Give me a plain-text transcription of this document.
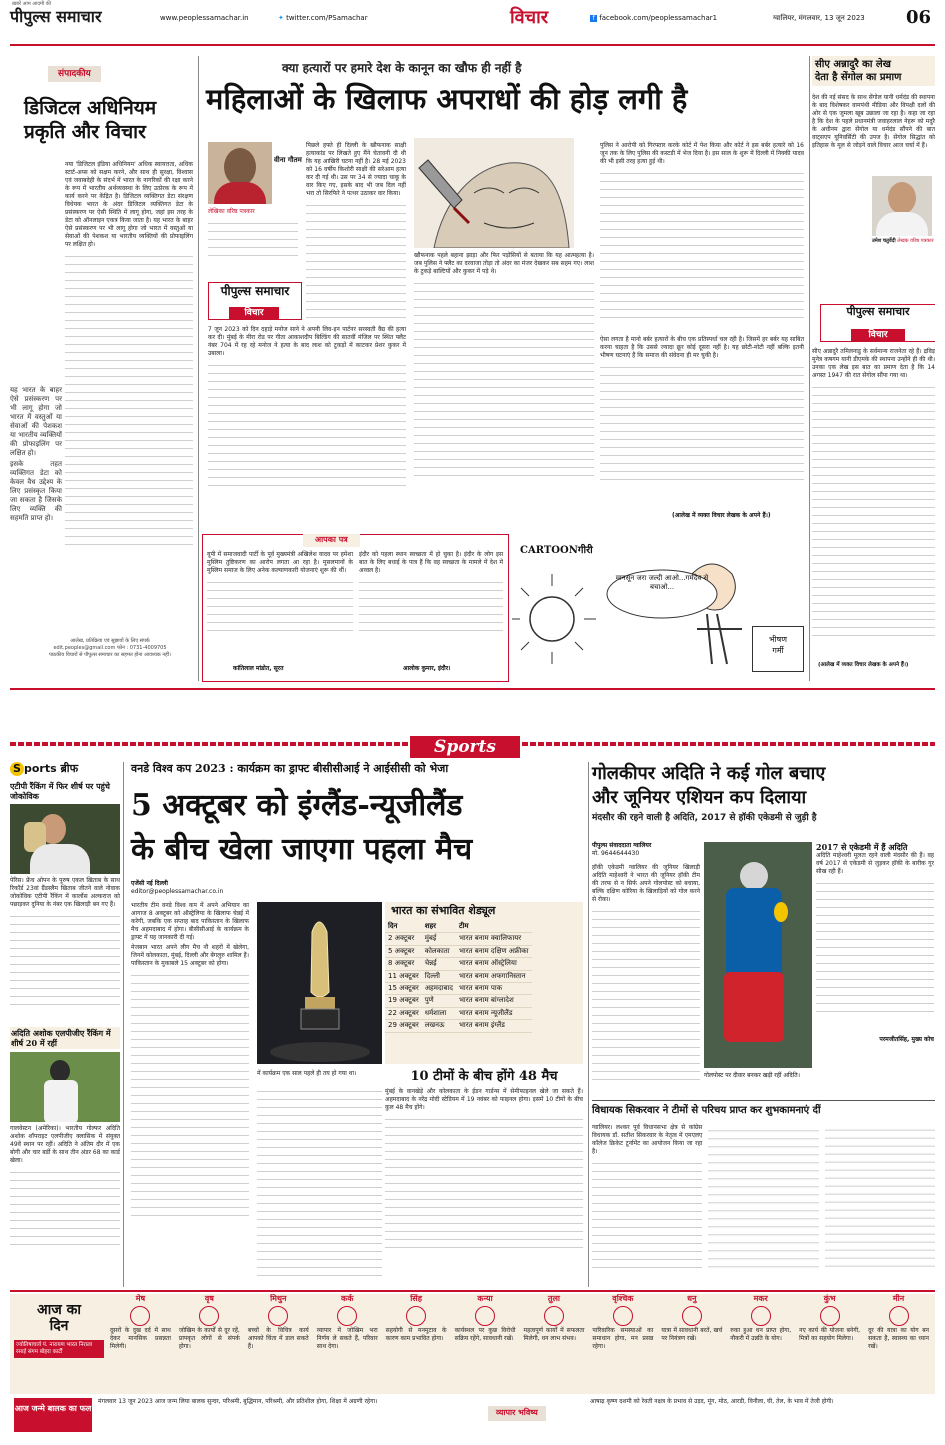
पीपुल्स समाचार
खबरें आम आदमी की
www.peoplessamachar.in	✦ twitter.com/PSamachar	विचार	f facebook.com/peoplessamachar1	ग्वालियर, मंगलवार, 13 जून 2023 06
संपादकीय
डिजिटल अधिनियम
प्रकृति और विचार

नया 'डिजिटल इंडिया अधिनियम' अधिक स्वायत्तता, अधिक स्टार्ट-अप्स को सक्षम करने, और साथ ही सुरक्षा, विश्वास एवं जवाबदेही के संदर्भ में भारत के नागरिकों की रक्षा करने के रूप में भारतीय अर्थव्यवस्था के लिए उत्प्रेरक के रूप में कार्य करने पर केंद्रित है। डिजिटल व्यक्तिगत डेटा संरक्षण विधेयक भारत के अंदर डिजिटल व्यक्तिगत डेटा के प्रसंस्करण पर ऐसी स्थिति में लागू होगा, जहां इस तरह के डेटा को ऑनलाइन एकत्र किया जाता है। यह भारत के बाहर ऐसे प्रसंस्करण पर भी लागू होगा जो भारत में वस्तुओं या सेवाओं की पेशकश या भारतीय व्यक्तियों की प्रोफाइलिंग पर लक्षित हो।

यह भारत के बाहर ऐसे प्रसंस्करण पर भी लागू होगा जो भारत में वस्तुओं या सेवाओं की पेशकश या भारतीय व्यक्तियों की प्रोफाइलिंग पर लक्षित हो।

इसके तहत व्यक्तिगत डेटा को केवल वैध उद्देश्य के लिए प्रसंस्कृत किया जा सकता है जिसके लिए व्यक्ति की सहमति प्राप्त हो।

आलेख, प्रतिक्रिया एवं सुझावों के लिए संपर्क
edit.peoples@gmail.com फोन : 0731-4009705
पाठकीय विचारों से पीपुल्स समाचार का सहमत होना आवश्यक नहीं।
क्या हत्यारों पर हमारे देश के कानून का खौफ ही नहीं है
महिलाओं के खिलाफ अपराधों की होड़ लगी है
वीना गौतम
लेखिका वरिष्ठ पत्रकार
पीपुल्स समाचार
विचार

पिछले हफ्ते ही दिल्ली के खौफनाक साक्षी हत्याकांड पर लिखते हुए मैंने चेतावनी दी थी कि यह आखिरी घटना नहीं है। 28 मई 2023 को 16 वर्षीय किशोरी साक्षी की सरेआम हत्या कर दी गई थी। उस पर 34 से ज्यादा चाकू के वार किए गए, इसके बाद भी जब दिल नहीं भरा तो सिरफिरे ने पत्थर उठाकर वार किया।

7 जून 2023 को दिन दहाड़े मनोज साने ने अपनी लिव-इन पार्टनर सरस्वती वैद्य की हत्या कर दी। मुंबई के मीरा रोड पर गीता आकाशदीप बिल्डिंग की सातवीं मंजिल पर स्थित फ्लैट नंबर 704 में रह रहे मनोज ने हत्या के बाद लाश को टुकड़ों में काटकर प्रेशर कुकर में उबाला।

खौफनाक पहले बहाना झाड़ा और फिर पड़ोसियों से बताया कि यह आत्महत्या है। जब पुलिस ने फ्लैट का दरवाजा तोड़ा तो अंदर का मंजर देखकर सब सहम गए। लाश के टुकड़े बाल्टियों और कुकर में पड़े थे।

पुलिस ने आरोपी को गिरफ्तार करके कोर्ट में पेश किया और कोर्ट ने इस बर्बर हत्यारे को 16 जून तक के लिए पुलिस की कस्टडी में भेज दिया है। इस साल के शुरू में दिल्ली में निक्की यादव की भी इसी तरह हत्या हुई थी।

ऐसा लगता है मानो बर्बर हत्यारों के बीच एक प्रतिस्पर्धा चल रही है। जिसमें हर बर्बर यह साबित करना चाहता है कि उससे ज्यादा क्रूर कोई दूसरा नहीं है। यह छोटी-मोटी नहीं बल्कि इतनी भीषण घटनाएं हैं कि समाज की संवेदना ही मर चुकी है।

(आलेख में व्यक्त विचार लेखक के अपने हैं।)
आपका पत्र

यूपी में समाजवादी पार्टी के पूर्व मुख्यमंत्री अखिलेश यादव पर हमेशा मुस्लिम तुष्टिकरण का आरोप लगता आ रहा है। मुसलमानों के मुस्लिम समाज के लिए अनेक कल्याणकारी योजनाएं शुरू की थीं।

कांतिलाल मांडोत, सूरत

इंदौर को पहला स्थान स्वच्छता में हो चुका है। इंदौर के लोग इस बात के लिए बधाई के पात्र हैं कि वह स्वच्छता के मामले में देश में अव्वल है।

आलोक कुमार, इंदौर।
CARTOONगीरी
मानसून जरा जल्दी आओ...गर्मदेव से बचाओ...
भीषण
गर्मी
सीए अन्नादुरै का लेख
देता है सेंगोल का प्रमाण

देश की नई संसद के साथ सेंगोल यानी धर्मदंड की स्थापना के बाद विशेषकर वामपंथी मीडिया और विपक्षी दलों की ओर से एक जुमला खूब उछाला जा रहा है। कहा जा रहा है कि देश के पहले प्रधानमंत्री जवाहरलाल नेहरू को मदुरै के अधीनम द्वारा सेंगोल या धर्मदंड सौंपने की बात वाट्सएप यूनिवर्सिटी की उपज है। सेंगोल सिद्धांत को इतिहास के मूल से जोड़ने वाले विचार आज चर्चा में हैं।

उमेश चतुर्वेदी लेखक वरिष्ठ पत्रकार
पीपुल्स समाचार
विचार

सीए अन्नादुरै तमिलनाडु के सर्वमान्य राजनेता रहे हैं। द्रविड़ मुनेत्र कषगम यानी डीएमके की स्थापना उन्होंने ही की थी। उनका एक लेख इस बात का प्रमाण देता है कि 14 अगस्त 1947 की रात सेंगोल सौंपा गया था।

(आलेख में व्यक्त विचार लेखक के अपने हैं।)
Sports
S ports ब्रीफ
एटीपी रैंकिंग में फिर शीर्ष पर पहुंचे जोकोविक

पेरिस। फ्रेंच ओपन के पुरुष एकल खिताब के साथ रिकॉर्ड 23वां ग्रैंडस्लैम खिताब जीतने वाले नोवाक जोकोविक एटीपी रैंकिंग में कार्लोस अल्कराज को पछाड़कर दुनिया के नंबर एक खिलाड़ी बन गए हैं।

अदिति अशोक एलपीजीए रैंकिंग में शीर्ष 20 में रहीं

गालवेस्टन (अमेरिका)। भारतीय गोल्फर अदिति अशोक शॉपराइट एलपीजीए क्लासिक में संयुक्त 49वें स्थान पर रहीं। अदिति ने अंतिम दौर में एक बोगी और चार बर्डी के साथ तीन अंडर 68 का कार्ड खेला।

वनडे विश्व कप 2023 : कार्यक्रम का ड्राफ्ट बीसीसीआई ने आईसीसी को भेजा
5 अक्टूबर को इंग्लैंड-न्यूजीलैंड
के बीच खेला जाएगा पहला मैच
एजेंसी नई दिल्ली
editor@peoplessamachar.co.in

भारतीय टीम वनडे विश्व कप में अपने अभियान का आगाज 8 अक्टूबर को ऑस्ट्रेलिया के खिलाफ चेन्नई में करेगी, जबकि एक सप्ताह बाद पाकिस्तान के खिलाफ मैच अहमदाबाद में होगा। बीसीसीआई के कार्यक्रम के ड्राफ्ट में यह जानकारी दी गई।

मेजबान भारत अपने लीग मैच नौ शहरों में खेलेगा, जिनमें कोलकाता, मुंबई, दिल्ली और बेंगलुरु शामिल हैं। पाकिस्तान के मुकाबले 15 अक्टूबर को होगा।

में कार्यक्रम एक साल पहले ही तय हो गया था।
भारत का संभावित शेड्यूल
दिन	शहर	टीम
2 अक्टूबर	मुंबई	भारत बनाम क्वालिफायर
5 अक्टूबर	कोलकाता	भारत बनाम दक्षिण अफ्रीका
8 अक्टूबर	चेन्नई	भारत बनाम ऑस्ट्रेलिया
11 अक्टूबर	दिल्ली	भारत बनाम अफगानिस्तान
15 अक्टूबर	अहमदाबाद	भारत बनाम पाक
19 अक्टूबर	पुणे	भारत बनाम बांग्लादेश
22 अक्टूबर	धर्मशाला	भारत बनाम न्यूजीलैंड
29 अक्टूबर	लखनऊ	भारत बनाम इंग्लैंड
10 टीमों के बीच होंगे 48 मैच

मुंबई के वानखेड़े और कोलकाता के ईडन गार्डन्स में सेमीफाइनल खेले जा सकते हैं। अहमदाबाद के नरेंद्र मोदी स्टेडियम में 19 नवंबर को फाइनल होगा। इसमें 10 टीमों के बीच कुल 48 मैच होंगे।

गोलकीपर अदिति ने कई गोल बचाए
और जूनियर एशियन कप दिलाया
मंदसौर की रहने वाली है अदिति, 2017 से हॉकी एकेडमी से जुड़ी है
पीपुल्स संवाददाता ग्वालियर
मो. 9644644430

हॉकी एकेडमी ग्वालियर की जूनियर खिलाड़ी अदिति माहेश्वरी ने भारत की जूनियर हॉकी टीम की तरफ से न सिर्फ अपने गोलपोस्ट को बचाया, बल्कि दक्षिण कोरिया के खिलाड़ियों को गोल करने से रोका।

गोलपोस्ट पर दीवार बनकर खड़ी रहीं अदिति।
2017 से एकेडमी में हैं अदिति

अदिति माहेश्वरी मूलतः रहने वाली मंदसौर की हैं। वह वर्ष 2017 से एकेडमी से जुड़कर हॉकी के बारीक गुर सीख रही हैं।

परमजीतसिंह, मुख्य कोच
विधायक सिकरवार ने टीमों से परिचय प्राप्त कर शुभकामनाएं दीं

ग्वालियर। लश्कर पूर्व विधानसभा क्षेत्र से कांग्रेस विधायक डॉ. सतीश सिकरवार के नेतृत्व में एमएलए कॉलेज क्रिकेट टूर्नामेंट का आयोजन किया जा रहा है।

आज का
दिन
ज्योतिषाचार्य पं. नारायण भारत निराला रसाई संगम बोहरा कार्टी
मेष
दूसरों के दुख दर्द में साथ देकर मानसिक प्रसन्नता मिलेगी।
वृष
जोखिम के कार्यों से दूर रहें, प्रापकृत लोगों से संपर्क होगा।
मिथुन
बच्चों के विचित्र कार्य आपको चिंता में डाल सकते हैं।
कर्क
व्यापार में जोखिम भरा निर्णय ले सकते हैं, परिवार साथ देगा।
सिंह
सहयोगी से मनमुटाव के कारण काम प्रभावित होगा।
कन्या
कार्यस्थल पर कुछ विरोधी सक्रिय रहेंगे, सावधानी रखें।
तुला
महत्वपूर्ण कार्यों में सफलता मिलेगी, धन लाभ संभव।
वृश्चिक
पारिवारिक समस्याओं का समाधान होगा, मन प्रसन्न रहेगा।
धनु
यात्रा में सावधानी बरतें, खर्च पर नियंत्रण रखें।
मकर
रुका हुआ धन प्राप्त होगा, नौकरी में उन्नति के योग।
कुंभ
नए कार्य की योजना बनेगी, मित्रों का सहयोग मिलेगा।
मीन
दूर की यात्रा का योग बन सकता है, स्वास्थ्य का ध्यान रखें।
आज जन्मे बालक का फल
मंगलवार 13 जून 2023 आज जन्म लिया बालक सुन्दर, परिश्रमी, बुद्धिमान, परिश्रमी, और प्रतिशील होगा, शिक्षा में अग्रणी रहेगा।
व्यापार भविष्य
आषाढ़ कृष्ण दशमी को रेवती नक्षत्र के प्रभाव से उड़द, मूंग, मोठ, आरडी, विनौला, घी, तेल, के भाव में तेजी होगी।
